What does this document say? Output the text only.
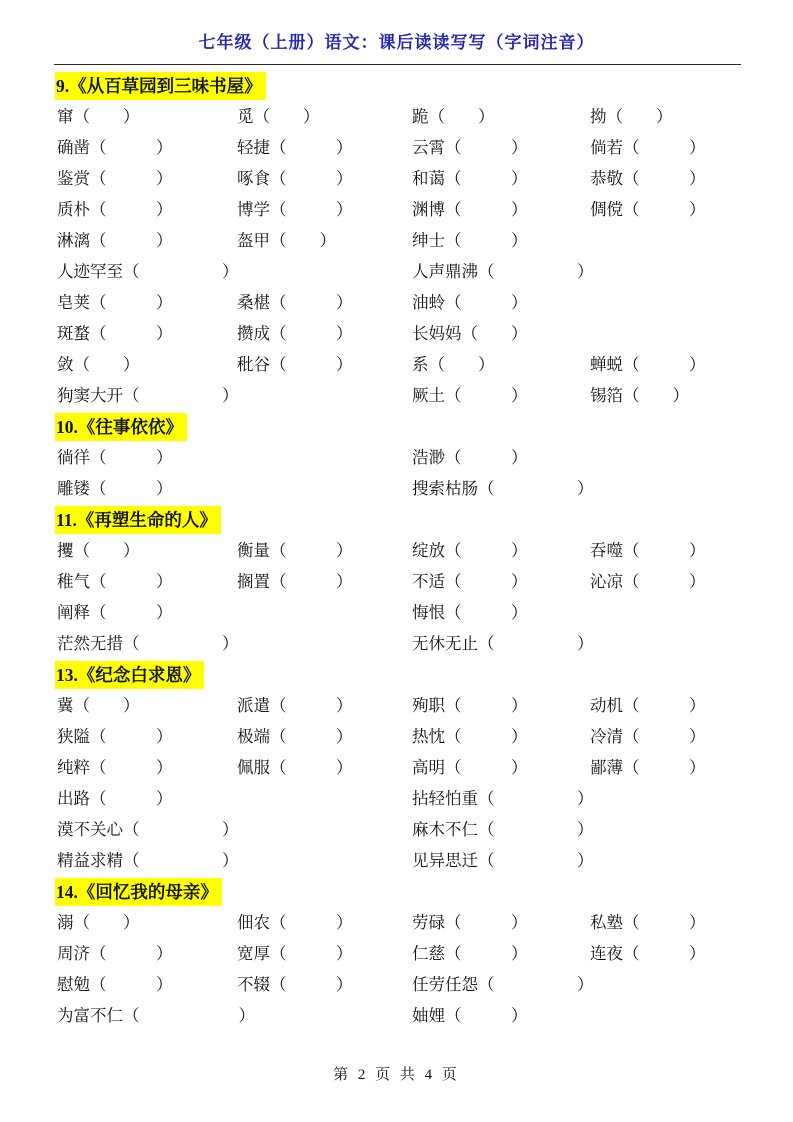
七年级（上册）语文：课后读读写写（字词注音）
9.《从百草园到三味书屋》
窜（　　）	觅（　　）	跪（　　）	拗（　　）
确凿（　　　）	轻捷（　　　）	云霄（　　　）	倘若（　　　）
鉴赏（　　　）	啄食（　　　）	和蔼（　　　）	恭敬（　　　）
质朴（　　　）	博学（　　　）	渊博（　　　）	倜傥（　　　）
淋漓（　　　）	盔甲（　　）	绅士（　　　）
人迹罕至（　　　　　）	人声鼎沸（　　　　　）
皂荚（　　　）	桑椹（　　　）	油蛉（　　　）
斑蝥（　　　）	攒成（　　　）	长妈妈（　　）
敛（　　）	秕谷（　　　）	系（　　）	蝉蜕（　　　）
狗窦大开（　　　　　）	厥土（　　　）	锡箔（　　）
10.《往事依依》
徜徉（　　　）	浩渺（　　　）
雕镂（　　　）	搜索枯肠（　　　　　）
11.《再塑生命的人》
攫（　　）	衡量（　　　）	绽放（　　　）	吞噬（　　　）
稚气（　　　）	搁置（　　　）	不适（　　　）	沁凉（　　　）
阐释（　　　）	悔恨（　　　）
茫然无措（　　　　　）	无休无止（　　　　　）
13.《纪念白求恩》
冀（　　）	派遣（　　　）	殉职（　　　）	动机（　　　）
狭隘（　　　）	极端（　　　）	热忱（　　　）	冷清（　　　）
纯粹（　　　）	佩服（　　　）	高明（　　　）	鄙薄（　　　）
出路（　　　）	拈轻怕重（　　　　　）
漠不关心（　　　　　）	麻木不仁（　　　　　）
精益求精（　　　　　）	见异思迁（　　　　　）
14.《回忆我的母亲》
溺（　　）	佃农（　　　）	劳碌（　　　）	私塾（　　　）
周济（　　　）	宽厚（　　　）	仁慈（　　　）	连夜（　　　）
慰勉（　　　）	不辍（　　　）	任劳任怨（　　　　　）
为富不仁（　　　　　　）	妯娌（　　　）
第 2 页 共 4 页
